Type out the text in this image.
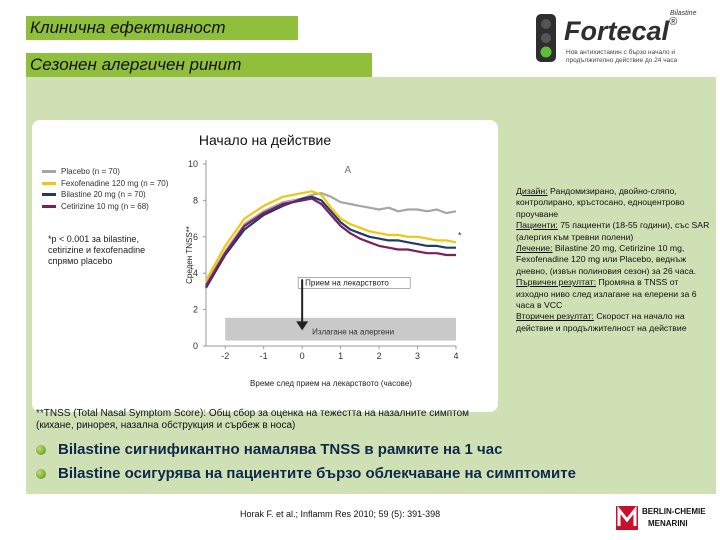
Клинична ефективност
Сезонен алергичен ринит
Bilastine
Fortecal®
Нов антихистамин с бързо начало и
продължително действие до 24 часа
Начало на действие
Излагане на алергени
0
2
4
6
8
10
-2	-1	0	1	2	3	4
Среден TNSS**
Време след прием на лекарството (часове)
A
*
Прием на лекарството
*p < 0.001 за bilastine, cetirizine и fexofenadine спрямо placebo
Дизайн: Рандомизирано, двойно-сляпо, контролирано, кръстосано, едноцентрово проучване
Пациенти: 75 пациенти (18-55 години), със SAR (алергия към тревни полени)
Лечение: Bilastine 20 mg, Cetirizine 10 mg, Fexofenadine 120 mg или Placebo, веднъж дневно, (извън полиновия сезон) за 26 часа.
Първичен резултат: Промяна в TNSS от изходно ниво след излагане на елерени за 6 часа в VCC
Вторичен резултат: Скорост на начало на действие и продължителност на действие
**TNSS (Total Nasal Symptom Score): Общ сбор за оценка на тежестта на назалните симптом (кихане, ринорея, назална обструкция и сърбеж в носа)
Bilastine сигнификантно намалява TNSS в рамките на 1 час
Bilastine осигурява на пациентите бързо облекчаване на симптомите
Horak F. et al.; Inflamm Res 2010; 59 (5): 391-398	BERLIN-CHEMIE
MENARINI
Placebo (n = 70)
Fexofenadine 120 mg (n = 70)
Bilastine 20 mg (n = 70)
Cetirizine 10 mg (n = 68)
